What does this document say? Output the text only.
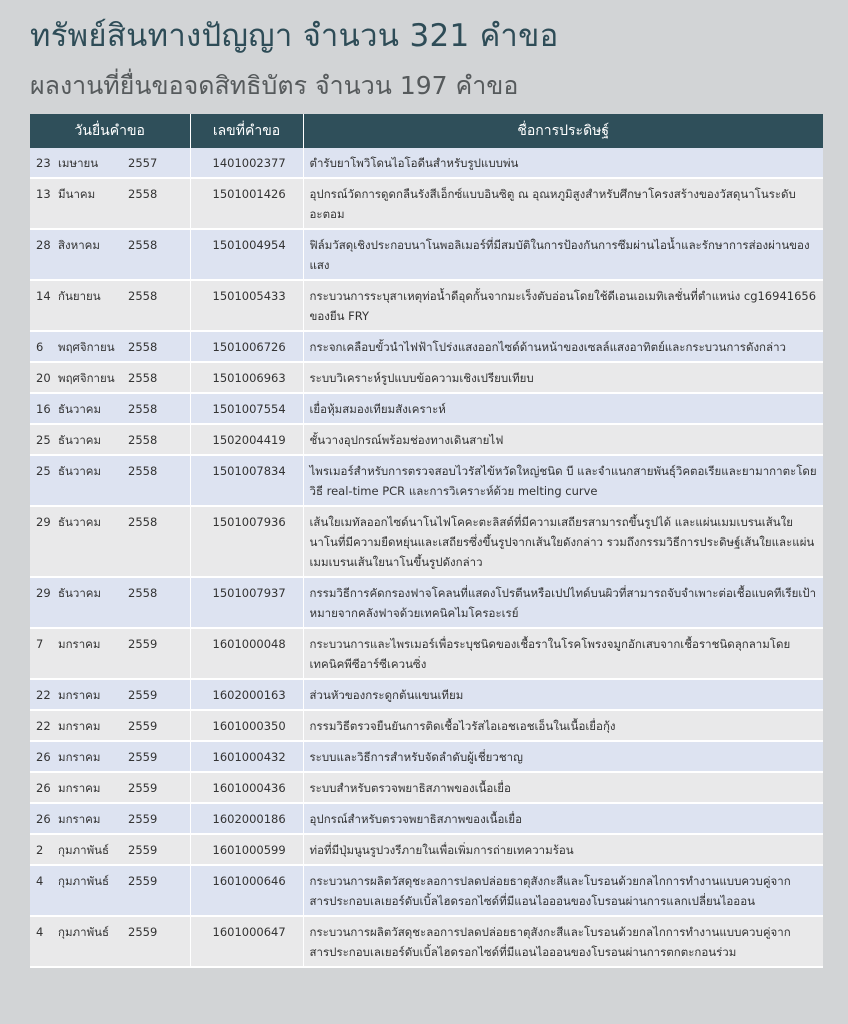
ทรัพย์สินทางปัญญา จำนวน 321 คำขอ
ผลงานที่ยื่นขอจดสิทธิบัตร จำนวน 197 คำขอ
วันยื่นคำขอ	เลขที่คำขอ	ชื่อการประดิษฐ์
23 เมษายน 2557	1401002377	ตำรับยาโพวิโดนไอโอดีนสำหรับรูปแบบพ่น
13 มีนาคม 2558	1501001426	อุปกรณ์วัดการดูดกลืนรังสีเอ็กซ์แบบอินซิตู ณ อุณหภูมิสูงสำหรับศึกษาโครงสร้างของวัสดุนาโนระดับอะตอม
28 สิงหาคม 2558	1501004954	ฟิล์มวัสดุเชิงประกอบนาโนพอลิเมอร์ที่มีสมบัติในการป้องกันการซึมผ่านไอน้ำและรักษาการส่องผ่านของแสง
14 กันยายน 2558	1501005433	กระบวนการระบุสาเหตุท่อน้ำดีอุดกั้นจากมะเร็งตับอ่อนโดยใช้ดีเอนเอเมทิเลชั่นที่ตำแหน่ง cg16941656 ของยีน FRY
6 พฤศจิกายน 2558	1501006726	กระจกเคลือบขั้วนำไฟฟ้าโปร่งแสงออกไซด์ด้านหน้าของเซลล์แสงอาทิตย์และกระบวนการดังกล่าว
20 พฤศจิกายน 2558	1501006963	ระบบวิเคราะห์รูปแบบข้อความเชิงเปรียบเทียบ
16 ธันวาคม 2558	1501007554	เยื่อหุ้มสมองเทียมสังเคราะห์
25 ธันวาคม 2558	1502004419	ชั้นวางอุปกรณ์พร้อมช่องทางเดินสายไฟ
25 ธันวาคม 2558	1501007834	ไพรเมอร์สำหรับการตรวจสอบไวรัสไข้หวัดใหญ่ชนิด บี และจำแนกสายพันธุ์วิคตอเรียและยามากาตะโดยวิธี real-time PCR และการวิเคราะห์ด้วย melting curve
29 ธันวาคม 2558	1501007936	เส้นใยเมทัลออกไซด์นาโนไฟโคคะตะลิสต์ที่มีความเสถียรสามารถขึ้นรูปได้ และแผ่นเมมเบรนเส้นใยนาโนที่มีความยืดหยุ่นและเสถียรซึ่งขึ้นรูปจากเส้นใยดังกล่าว รวมถึงกรรมวิธีการประดิษฐ์เส้นใยและแผ่นเมมเบรนเส้นใยนาโนขึ้นรูปดังกล่าว
29 ธันวาคม 2558	1501007937	กรรมวิธีการคัดกรองฟาจโคลนที่แสดงโปรตีนหรือเปปไทด์บนผิวที่สามารถจับจำเพาะต่อเชื้อแบคทีเรียเป้าหมายจากคลังฟาจด้วยเทคนิคไมโครอะเรย์
7 มกราคม 2559	1601000048	กระบวนการและไพรเมอร์เพื่อระบุชนิดของเชื้อราในโรคโพรงจมูกอักเสบจากเชื้อราชนิดลุกลามโดยเทคนิคพีซีอาร์ซีเควนซิ่ง
22 มกราคม 2559	1602000163	ส่วนหัวของกระดูกต้นแขนเทียม
22 มกราคม 2559	1601000350	กรรมวิธีตรวจยืนยันการติดเชื้อไวรัสไอเอชเอชเอ็นในเนื้อเยื่อกุ้ง
26 มกราคม 2559	1601000432	ระบบและวิธีการสำหรับจัดลำดับผู้เชี่ยวชาญ
26 มกราคม 2559	1601000436	ระบบสำหรับตรวจพยาธิสภาพของเนื้อเยื่อ
26 มกราคม 2559	1602000186	อุปกรณ์สำหรับตรวจพยาธิสภาพของเนื้อเยื่อ
2 กุมภาพันธ์ 2559	1601000599	ท่อที่มีปุ่มนูนรูปวงรีภายในเพื่อเพิ่มการถ่ายเทความร้อน
4 กุมภาพันธ์ 2559	1601000646	กระบวนการผลิตวัสดุชะลอการปลดปล่อยธาตุสังกะสีและโบรอนด้วยกลไกการทำงานแบบควบคู่จากสารประกอบเลเยอร์ดับเบิ้ลไฮดรอกไซด์ที่มีแอนไอออนของโบรอนผ่านการแลกเปลี่ยนไอออน
4 กุมภาพันธ์ 2559	1601000647	กระบวนการผลิตวัสดุชะลอการปลดปล่อยธาตุสังกะสีและโบรอนด้วยกลไกการทำงานแบบควบคู่จากสารประกอบเลเยอร์ดับเบิ้ลไฮดรอกไซด์ที่มีแอนไอออนของโบรอนผ่านการตกตะกอนร่วม
